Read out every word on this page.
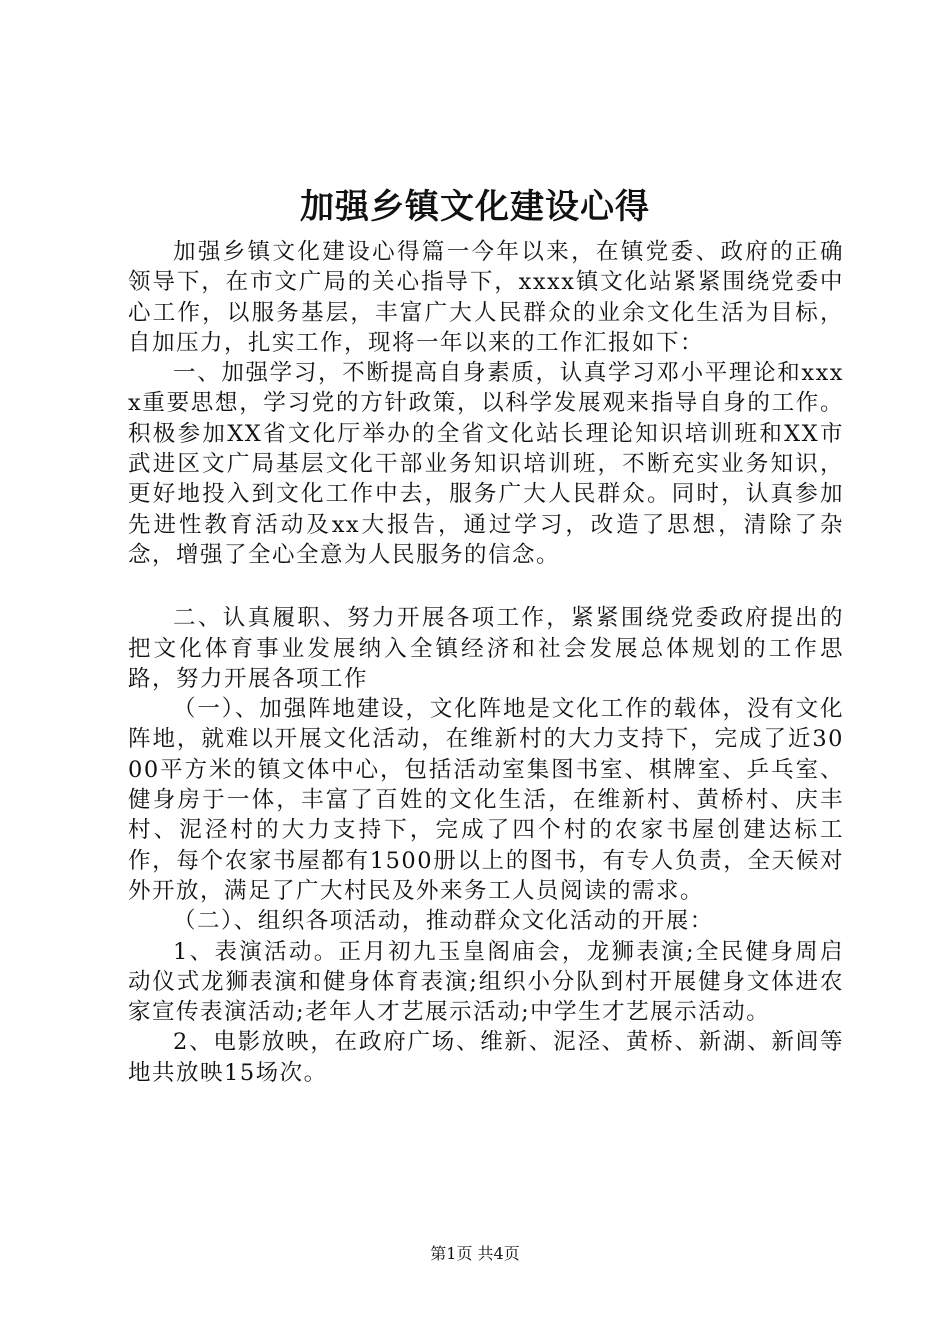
加强乡镇文化建设心得

加强乡镇文化建设心得篇一今年以来，在镇党委、政府的正确领导下，在市文广局的关心指导下，xxxx镇文化站紧紧围绕党委中心工作，以服务基层，丰富广大人民群众的业余文化生活为目标，自加压力，扎实工作，现将一年以来的工作汇报如下：

一、加强学习，不断提高自身素质，认真学习邓小平理论和xxxx重要思想，学习党的方针政策，以科学发展观来指导自身的工作。积极参加XX省文化厅举办的全省文化站长理论知识培训班和XX市武进区文广局基层文化干部业务知识培训班，不断充实业务知识，更好地投入到文化工作中去，服务广大人民群众。同时，认真参加先进性教育活动及xx大报告，通过学习，改造了思想，清除了杂念，增强了全心全意为人民服务的信念。

二、认真履职、努力开展各项工作，紧紧围绕党委政府提出的把文化体育事业发展纳入全镇经济和社会发展总体规划的工作思路，努力开展各项工作

（一）、加强阵地建设，文化阵地是文化工作的载体，没有文化阵地，就难以开展文化活动，在维新村的大力支持下，完成了近3000平方米的镇文体中心，包括活动室集图书室、棋牌室、乒乓室、健身房于一体，丰富了百姓的文化生活，在维新村、黄桥村、庆丰村、泥泾村的大力支持下，完成了四个村的农家书屋创建达标工作，每个农家书屋都有1500册以上的图书，有专人负责，全天候对外开放，满足了广大村民及外来务工人员阅读的需求。

（二）、组织各项活动，推动群众文化活动的开展：

1、表演活动。正月初九玉皇阁庙会，龙狮表演;全民健身周启动仪式龙狮表演和健身体育表演;组织小分队到村开展健身文体进农家宣传表演活动;老年人才艺展示活动;中学生才艺展示活动。

2、电影放映，在政府广场、维新、泥泾、黄桥、新湖、新闾等地共放映15场次。

第1页 共4页
